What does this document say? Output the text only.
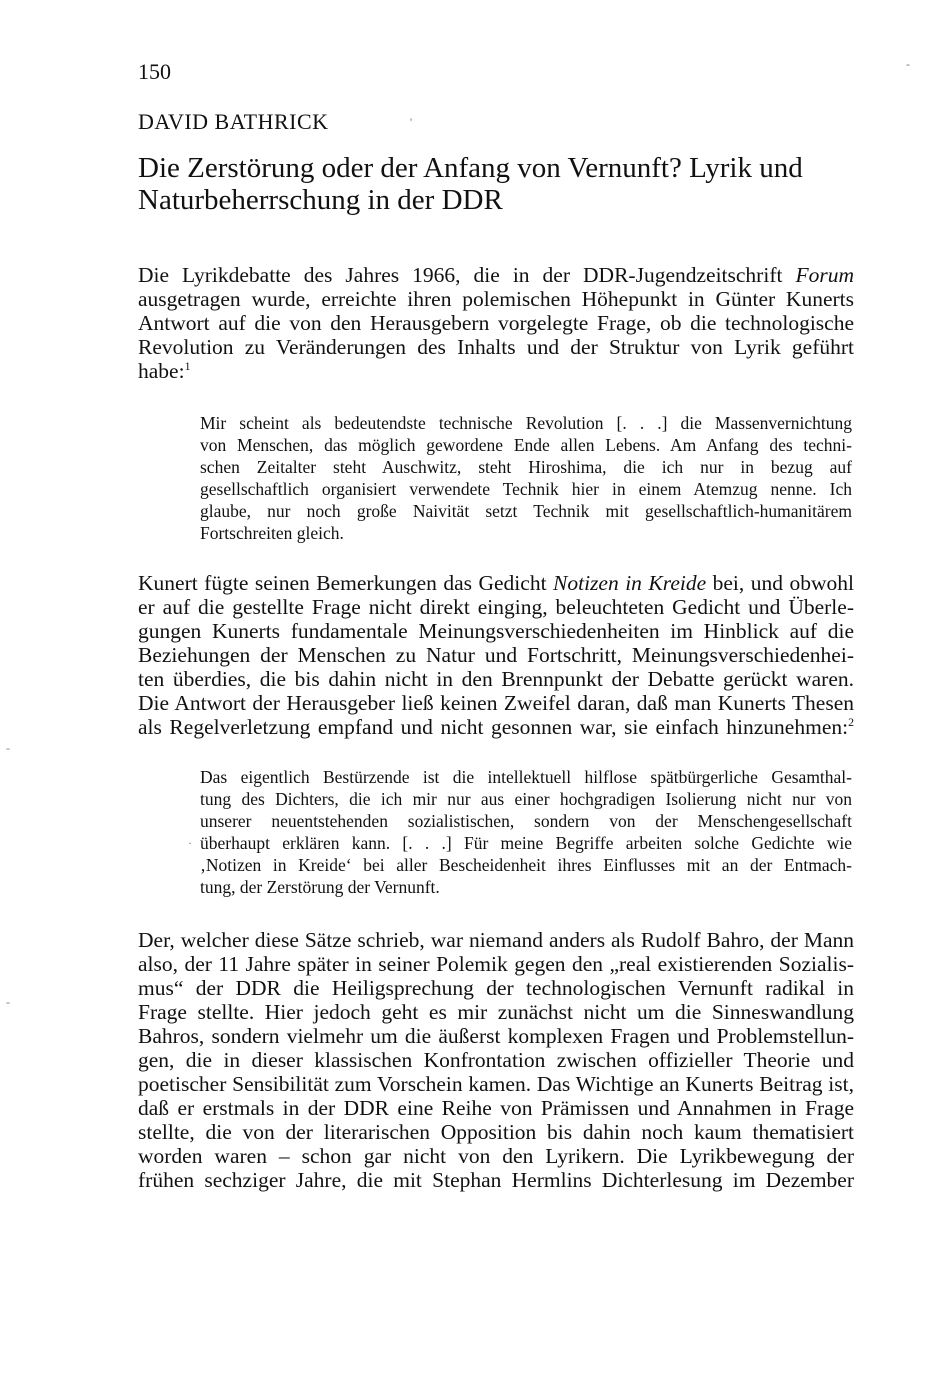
150
DAVID BATHRICK
Die Zerstörung oder der Anfang von Vernunft? Lyrik und
Naturbeherrschung in der DDR
Die Lyrikdebatte des Jahres 1966, die in der DDR-Jugendzeitschrift Forum
ausgetragen wurde, erreichte ihren polemischen Höhepunkt in Günter Kunerts
Antwort auf die von den Herausgebern vorgelegte Frage, ob die technologische
Revolution zu Veränderungen des Inhalts und der Struktur von Lyrik geführt
habe:$^1$
Mir scheint als bedeutendste technische Revolution [. . .] die Massenvernichtung
von Menschen, das möglich gewordene Ende allen Lebens. Am Anfang des techni-
schen Zeitalter steht Auschwitz, steht Hiroshima, die ich nur in bezug auf
gesellschaftlich organisiert verwendete Technik hier in einem Atemzug nenne. Ich
glaube, nur noch große Naivität setzt Technik mit gesellschaftlich-humanitärem
Fortschreiten gleich.
Kunert fügte seinen Bemerkungen das Gedicht Notizen in Kreide bei, und obwohl
er auf die gestellte Frage nicht direkt einging, beleuchteten Gedicht und Überle-
gungen Kunerts fundamentale Meinungsverschiedenheiten im Hinblick auf die
Beziehungen der Menschen zu Natur und Fortschritt, Meinungsverschiedenhei-
ten überdies, die bis dahin nicht in den Brennpunkt der Debatte gerückt waren.
Die Antwort der Herausgeber ließ keinen Zweifel daran, daß man Kunerts Thesen
als Regelverletzung empfand und nicht gesonnen war, sie einfach hinzunehmen:$^2$
Das eigentlich Bestürzende ist die intellektuell hilflose spätbürgerliche Gesamthal-
tung des Dichters, die ich mir nur aus einer hochgradigen Isolierung nicht nur von
unserer neuentstehenden sozialistischen, sondern von der Menschengesellschaft
überhaupt erklären kann. [. . .] Für meine Begriffe arbeiten solche Gedichte wie
‚Notizen in Kreide‘ bei aller Bescheidenheit ihres Einflusses mit an der Entmach-
tung, der Zerstörung der Vernunft.
Der, welcher diese Sätze schrieb, war niemand anders als Rudolf Bahro, der Mann
also, der 11 Jahre später in seiner Polemik gegen den „real existierenden Sozialis-
mus“ der DDR die Heiligsprechung der technologischen Vernunft radikal in
Frage stellte. Hier jedoch geht es mir zunächst nicht um die Sinneswandlung
Bahros, sondern vielmehr um die äußerst komplexen Fragen und Problemstellun-
gen, die in dieser klassischen Konfrontation zwischen offizieller Theorie und
poetischer Sensibilität zum Vorschein kamen. Das Wichtige an Kunerts Beitrag ist,
daß er erstmals in der DDR eine Reihe von Prämissen und Annahmen in Frage
stellte, die von der literarischen Opposition bis dahin noch kaum thematisiert
worden waren – schon gar nicht von den Lyrikern. Die Lyrikbewegung der
frühen sechziger Jahre, die mit Stephan Hermlins Dichterlesung im Dezember
-
-
-
'
·
